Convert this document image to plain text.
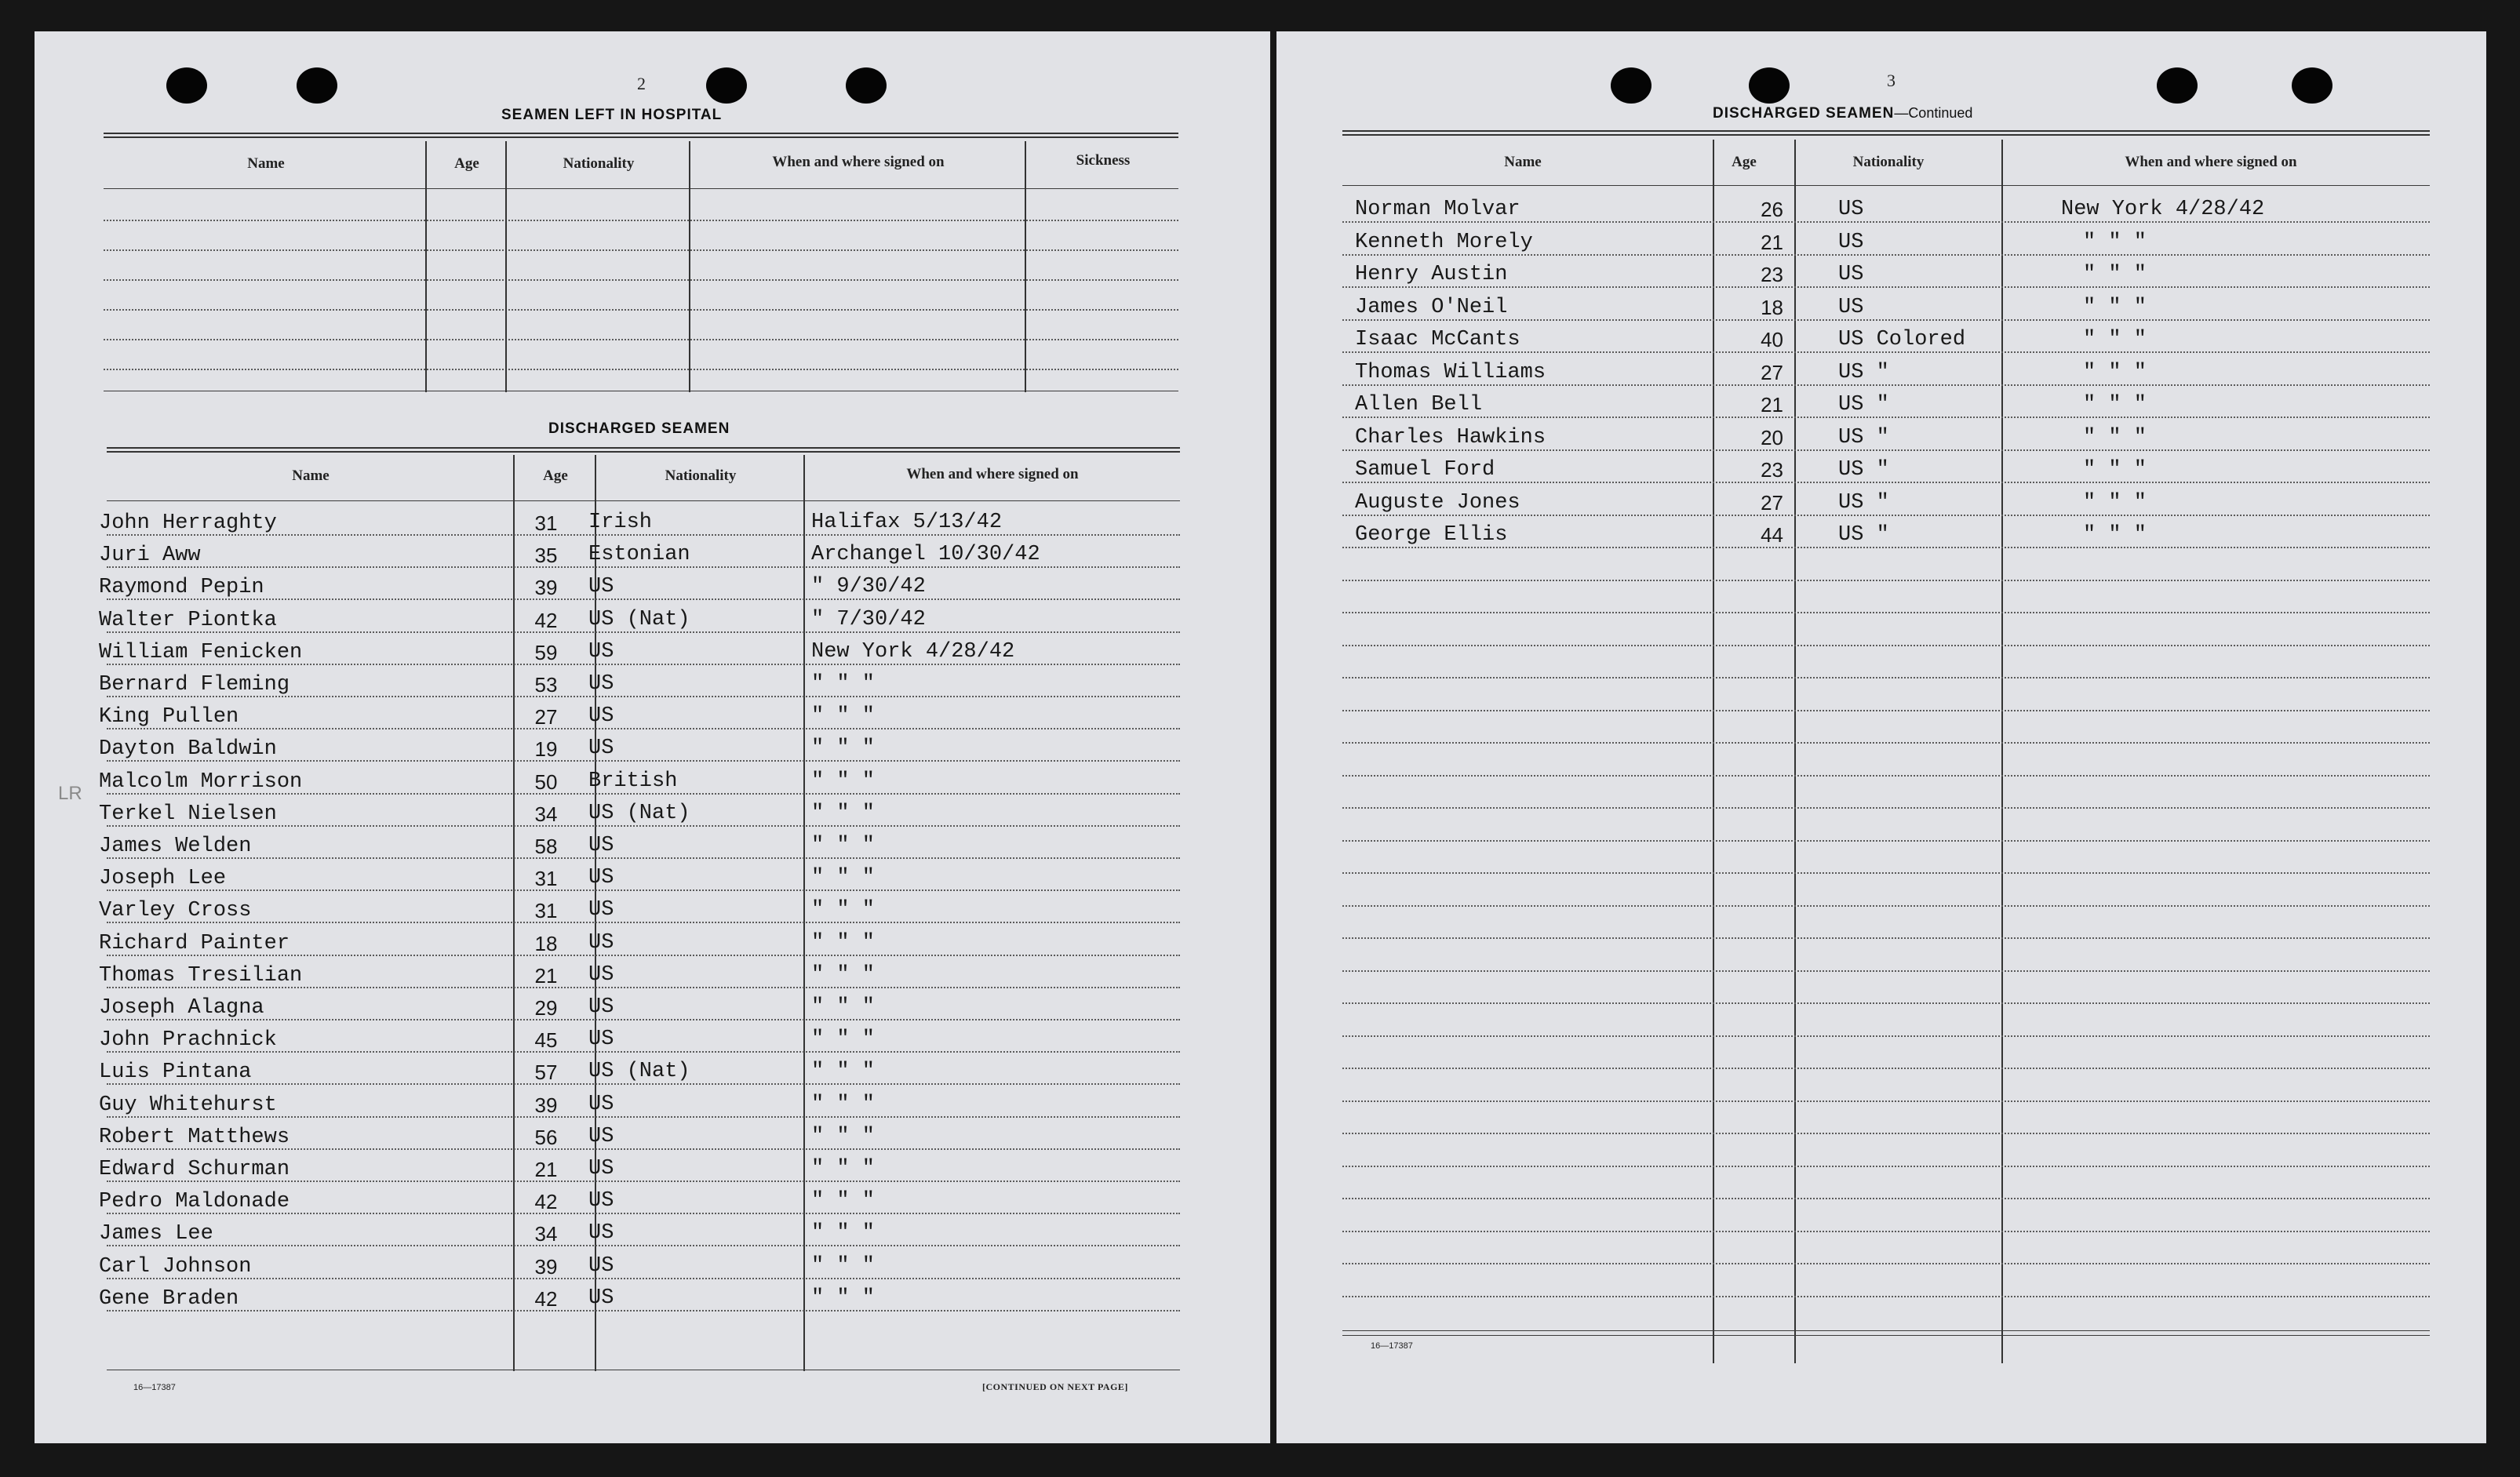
2
SEAMEN LEFT IN HOSPITAL
Name	Age	Nationality	When and where signed on	Sickness
DISCHARGED SEAMEN
Name	Age	Nationality	When and where signed on
John Herraghty	31	Irish	Halifax 5/13/42
Juri Aww	35	Estonian	Archangel 10/30/42
Raymond Pepin	39	US	" 9/30/42
Walter Piontka	42	US (Nat)	" 7/30/42
William Fenicken	59	US	New York 4/28/42
Bernard Fleming	53	US	" " "
King Pullen	27	US	" " "
Dayton Baldwin	19	US	" " "
Malcolm Morrison	50	British	" " "
Terkel Nielsen	34	US (Nat)	" " "
James Welden	58	US	" " "
Joseph Lee	31	US	" " "
Varley Cross	31	US	" " "
Richard Painter	18	US	" " "
Thomas Tresilian	21	US	" " "
Joseph Alagna	29	US	" " "
John Prachnick	45	US	" " "
Luis Pintana	57	US (Nat)	" " "
Guy Whitehurst	39	US	" " "
Robert Matthews	56	US	" " "
Edward Schurman	21	US	" " "
Pedro Maldonade	42	US	" " "
James Lee	34	US	" " "
Carl Johnson	39	US	" " "
Gene Braden	42	US	" " "
16—17387	[CONTINUED ON NEXT PAGE]
LR
3
DISCHARGED SEAMEN—Continued
Name	Age	Nationality	When and where signed on
Norman Molvar	26	US	New York 4/28/42
Kenneth Morely	21	US	" " "
Henry Austin	23	US	" " "
James O'Neil	18	US	" " "
Isaac McCants	40	US Colored	" " "
Thomas Williams	27	US "	" " "
Allen Bell	21	US "	" " "
Charles Hawkins	20	US "	" " "
Samuel Ford	23	US "	" " "
Auguste Jones	27	US "	" " "
George Ellis	44	US "	" " "
16—17387
